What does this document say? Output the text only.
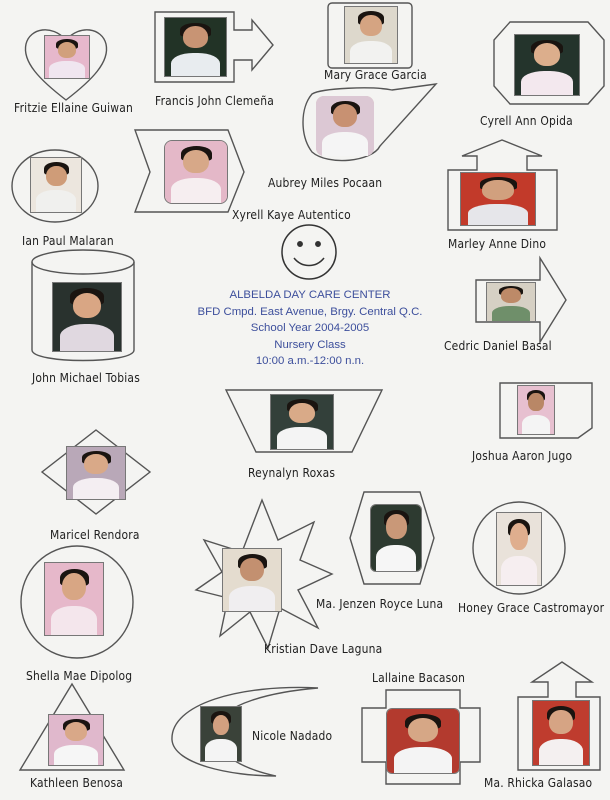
Fritzie Ellaine Guiwan Francis John Clemeña
Mary Grace Garcia
Cyrell Ann Opida
Aubrey Miles Pocaan
Ian Paul Malaran
Xyrell Kaye Autentico
Marley Anne Dino
John Michael Tobias
Cedric Daniel Basal
Reynalyn Roxas
Joshua Aaron Jugo
Maricel Rendora
Ma. Jenzen Royce Luna Honey Grace Castromayor
Kristian Dave Laguna
Shella Mae Dipolog	Lallaine Bacason
Nicole Nadado
Kathleen Benosa	Ma. Rhicka Galasao
ALBELDA DAY CARE CENTER
BFD Cmpd. East Avenue, Brgy. Central Q.C.
School Year 2004-2005
Nursery Class
10:00 a.m.-12:00 n.n.
